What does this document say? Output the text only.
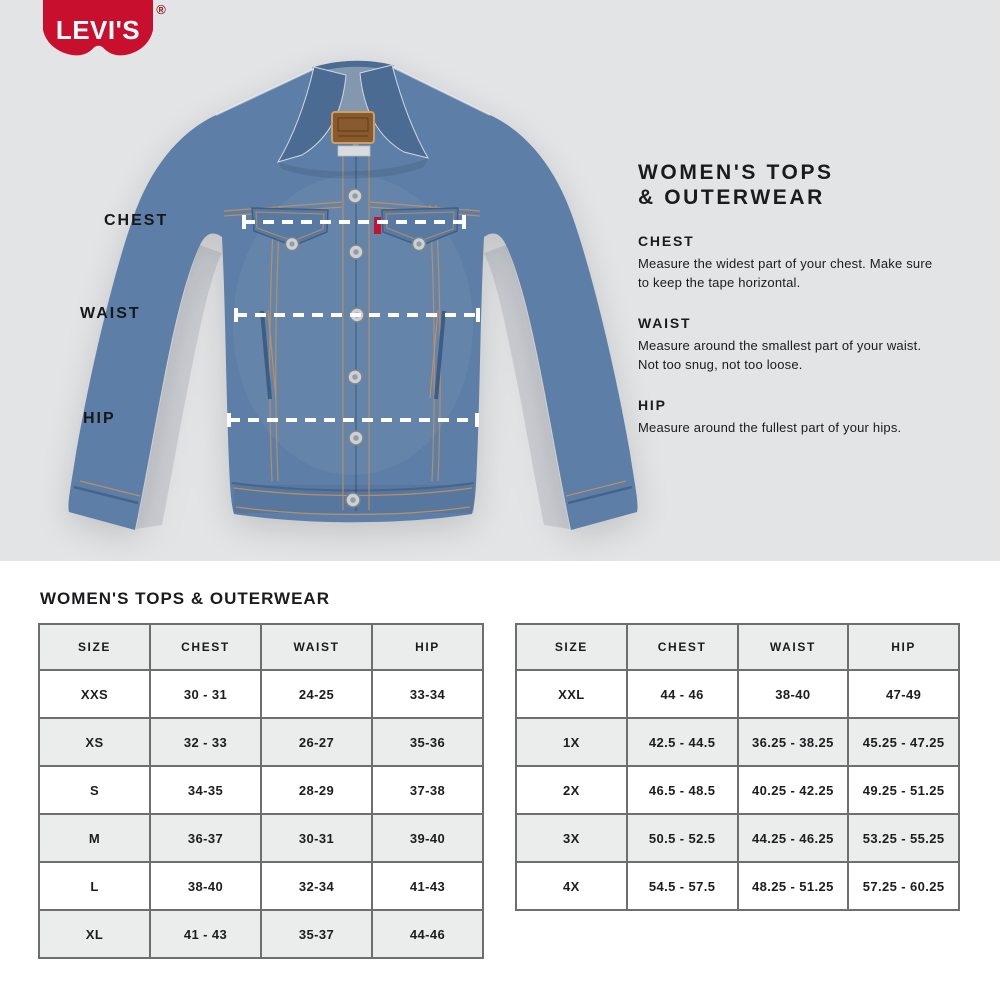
LEVI'S
®
CHEST
WAIST
HIP
WOMEN'S TOPS
& OUTERWEAR
CHEST
Measure the widest part of your chest. Make sure to keep the tape horizontal.
WAIST
Measure around the smallest part of your waist. Not too snug, not too loose.
HIP
Measure around the fullest part of your hips.
WOMEN'S TOPS & OUTERWEAR
SIZE	CHEST	WAIST	HIP
XXS	30 - 31	24-25	33-34
XS	32 - 33	26-27	35-36
S	34-35	28-29	37-38
M	36-37	30-31	39-40
L	38-40	32-34	41-43
XL	41 - 43	35-37	44-46
SIZE	CHEST	WAIST	HIP
XXL	44 - 46	38-40	47-49
1X	42.5 - 44.5	36.25 - 38.25	45.25 - 47.25
2X	46.5 - 48.5	40.25 - 42.25	49.25 - 51.25
3X	50.5 - 52.5	44.25 - 46.25	53.25 - 55.25
4X	54.5 - 57.5	48.25 - 51.25	57.25 - 60.25
